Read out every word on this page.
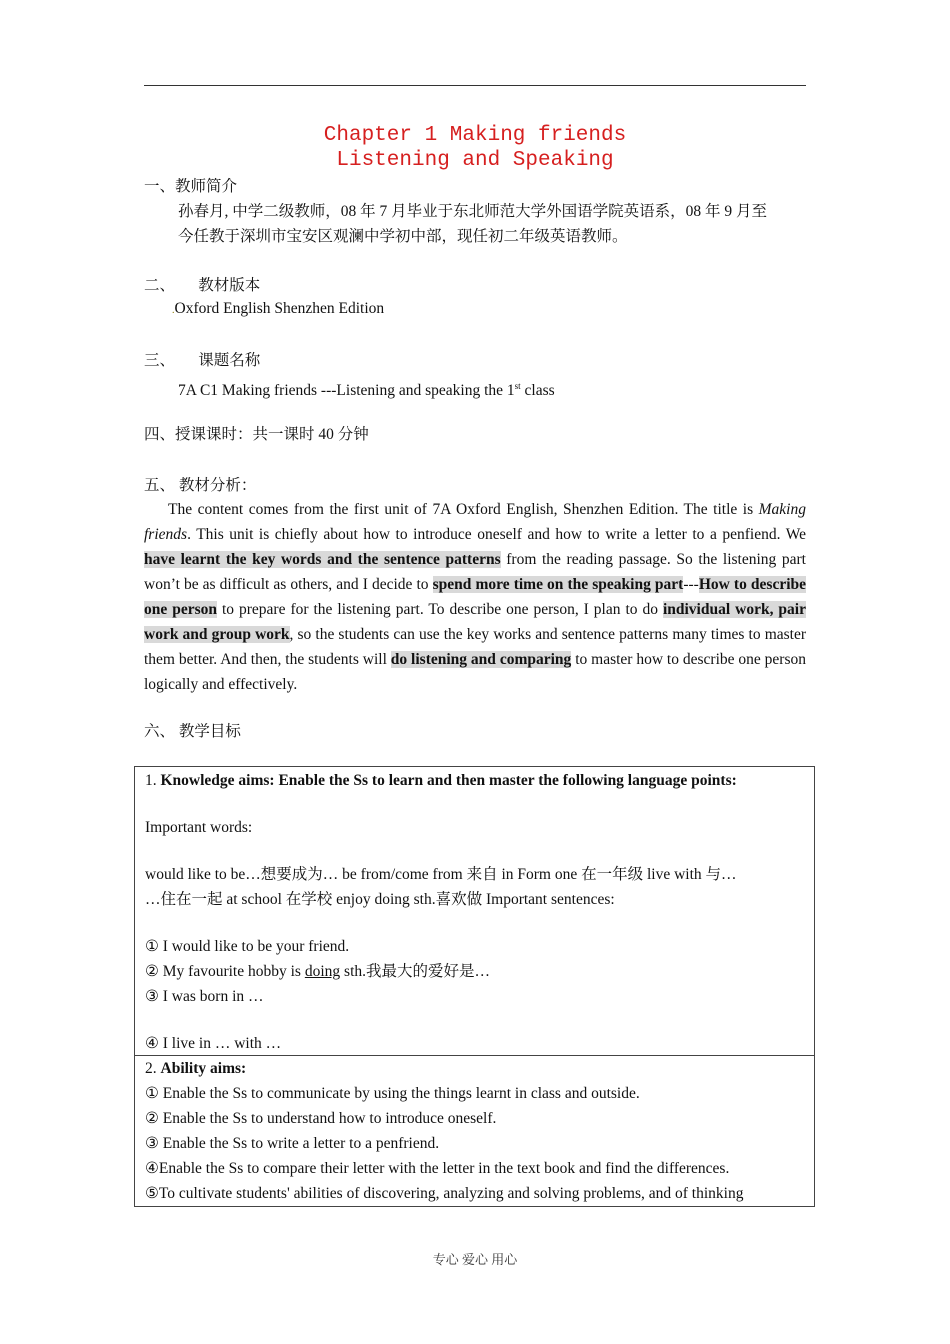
Chapter 1 Making friends
Listening and Speaking
一、教师简介
孙春月, 中学二级教师，08 年 7 月毕业于东北师范大学外国语学院英语系，08 年 9 月至
今任教于深圳市宝安区观澜中学初中部，现任初二年级英语教师。
二、　　教材版本
.Oxford English Shenzhen Edition
三、　　课题名称
7A C1 Making friends ---Listening and speaking the 1st class
四、授课课时：共一课时 40 分钟
五、 教材分析：
The content comes from the first unit of 7A Oxford English, Shenzhen Edition. The title is Making friends. This unit is chiefly about how to introduce oneself and how to write a letter to a penfiend. We have learnt the key words and the sentence patterns from the reading passage. So the listening part won’t be as difficult as others, and I decide to spend more time on the speaking part---How to describe one person to prepare for the listening part. To describe one person, I plan to do individual work, pair work and group work, so the students can use the key works and sentence patterns many times to master them better. And then, the students will do listening and comparing to master how to describe one person logically and effectively.
六、 教学目标
1. Knowledge aims: Enable the Ss to learn and then master the following language points:
Important words:
would like to be…想要成为… be from/come from 来自 in Form one 在一年级 live with 与…
…住在一起 at school 在学校 enjoy doing sth.喜欢做 Important sentences:
① I would like to be your friend.
② My favourite hobby is doing sth.我最大的爱好是…
③ I was born in …
④ I live in … with …
2. Ability aims:
① Enable the Ss to communicate by using the things learnt in class and outside.
② Enable the Ss to understand how to introduce oneself.
③ Enable the Ss to write a letter to a penfriend.
④Enable the Ss to compare their letter with the letter in the text book and find the differences.
⑤To cultivate students' abilities of discovering, analyzing and solving problems, and of thinking
专心 爱心 用心
